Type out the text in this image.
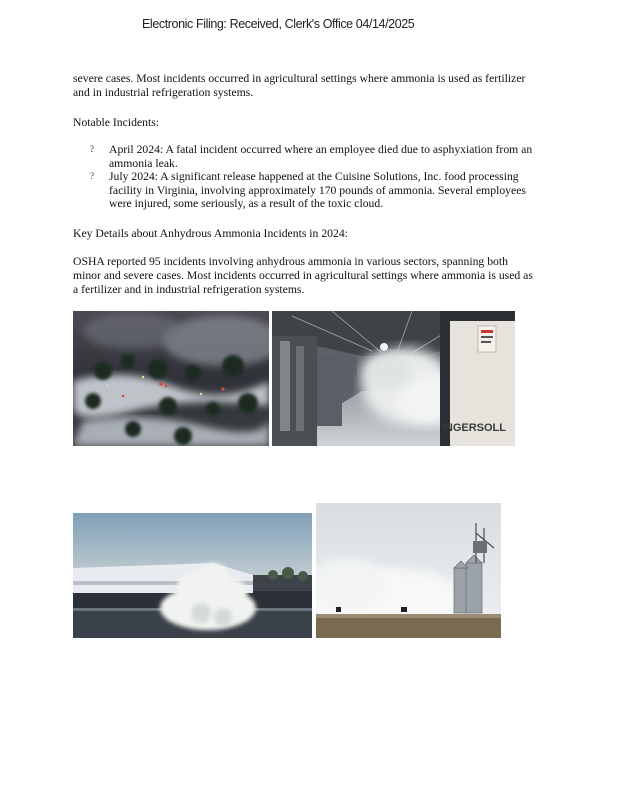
Electronic Filing: Received, Clerk's Office 04/14/2025

severe cases. Most incidents occurred in agricultural settings where ammonia is used as fertilizer and in industrial refrigeration systems.

Notable Incidents:

? April 2024: A fatal incident occurred where an employee died due to asphyxiation from an ammonia leak.
? July 2024: A significant release happened at the Cuisine Solutions, Inc. food processing facility in Virginia, involving approximately 170 pounds of ammonia. Several employees were injured, some seriously, as a result of the toxic cloud.

Key Details about Anhydrous Ammonia Incidents in 2024:

OSHA reported 95 incidents involving anhydrous ammonia in various sectors, spanning both minor and severe cases. Most incidents occurred in agricultural settings where ammonia is used as a fertilizer and in industrial refrigeration systems.

INGERSOLL
